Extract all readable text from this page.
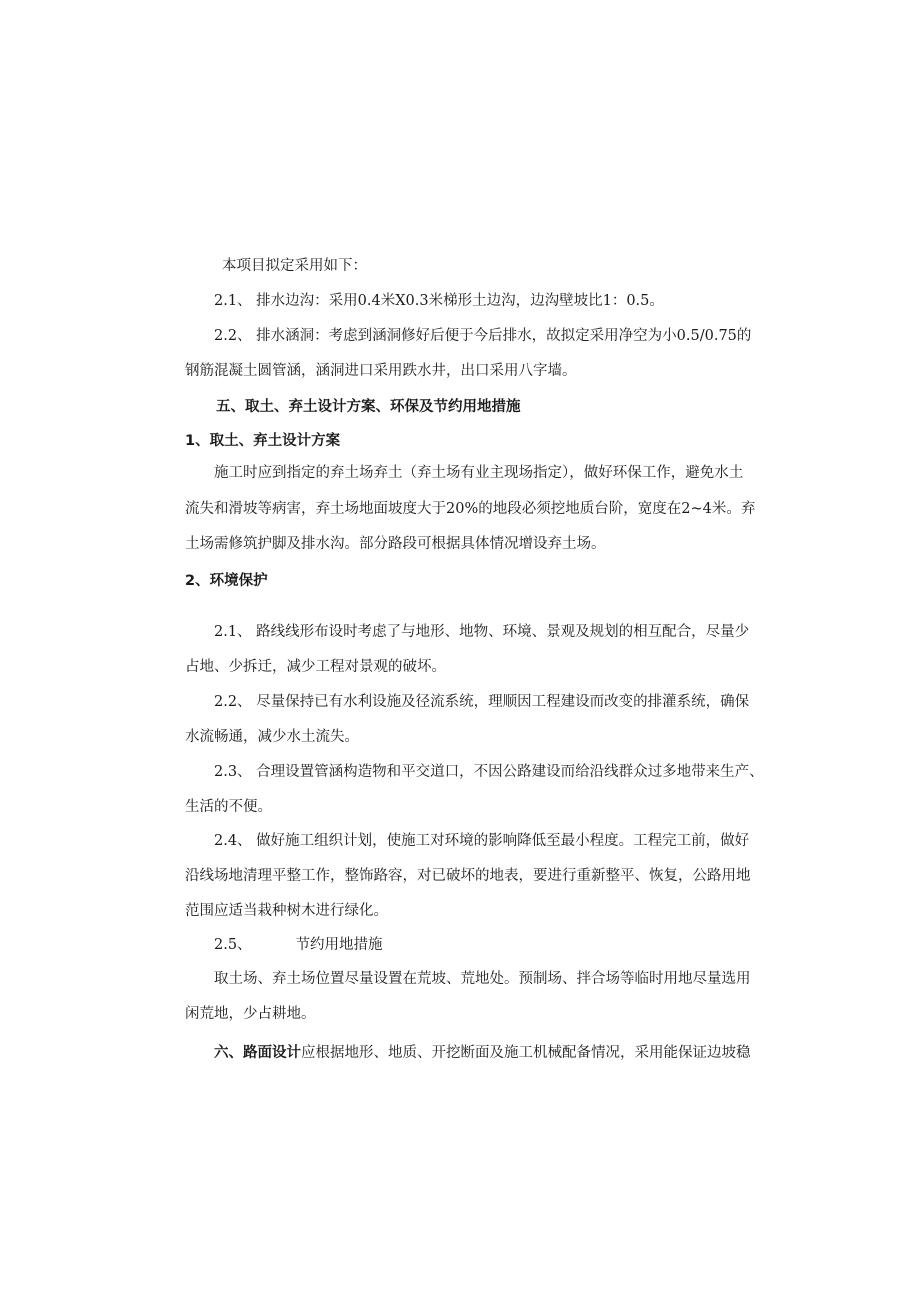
本项目拟定采用如下：

2.1、 排水边沟：采用0.4米X0.3米梯形土边沟，边沟壁坡比1：0.5。

2.2、 排水涵洞：考虑到涵洞修好后便于今后排水，故拟定采用净空为小0.5/0.75的

钢筋混凝土圆管涵，涵洞进口采用跌水井，出口采用八字墙。

五、取土、弃土设计方案、环保及节约用地措施

1、取土、弃土设计方案

施工时应到指定的弃土场弃土（弃土场有业主现场指定），做好环保工作，避免水土

流失和滑坡等病害，弃土场地面坡度大于20%的地段必须挖地质台阶，宽度在2~4米。弃

土场需修筑护脚及排水沟。部分路段可根据具体情况增设弃土场。

2、环境保护

2.1、 路线线形布设时考虑了与地形、地物、环境、景观及规划的相互配合，尽量少

占地、少拆迁，减少工程对景观的破坏。

2.2、 尽量保持已有水利设施及径流系统，理顺因工程建设而改变的排灌系统，确保

水流畅通，减少水土流失。

2.3、 合理设置管涵构造物和平交道口，不因公路建设而给沿线群众过多地带来生产、

生活的不便。

2.4、 做好施工组织计划，使施工对环境的影响降低至最小程度。工程完工前，做好

沿线场地清理平整工作，整饰路容，对已破坏的地表，要进行重新整平、恢复，公路用地

范围应适当栽种树木进行绿化。

2.5、	节约用地措施

取土场、弃土场位置尽量设置在荒坡、荒地处。预制场、拌合场等临时用地尽量选用

闲荒地，少占耕地。

六、路面设计应根据地形、地质、开挖断面及施工机械配备情况，采用能保证边坡稳
